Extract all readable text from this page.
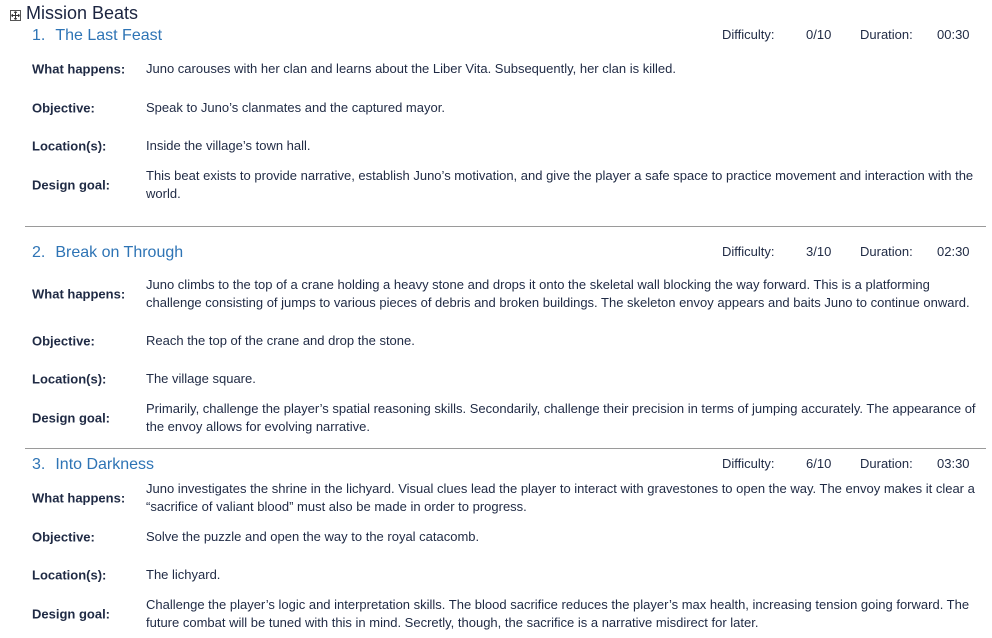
Mission Beats
1. The Last Feast	Difficulty: 0/10 Duration: 00:30
What happens: Juno carouses with her clan and learns about the Liber Vita. Subsequently, her clan is killed.
Objective:	Speak to Juno’s clanmates and the captured mayor.
Location(s):	Inside the village’s town hall.
Design goal:
This beat exists to provide narrative, establish Juno’s motivation, and give the player a safe space to practice movement and interaction with the world.
2. Break on Through	Difficulty: 3/10 Duration: 02:30
What happens:
Juno climbs to the top of a crane holding a heavy stone and drops it onto the skeletal wall blocking the way forward. This is a platforming challenge consisting of jumps to various pieces of debris and broken buildings. The skeleton envoy appears and baits Juno to continue onward.
Objective:	Reach the top of the crane and drop the stone.
Location(s):	The village square.
Design goal:
Primarily, challenge the player’s spatial reasoning skills. Secondarily, challenge their precision in terms of jumping accurately. The appearance of the envoy allows for evolving narrative.
3. Into Darkness	Difficulty: 6/10 Duration: 03:30
What happens:
Juno investigates the shrine in the lichyard. Visual clues lead the player to interact with gravestones to open the way. The envoy makes it clear a “sacrifice of valiant blood” must also be made in order to progress.
Objective:	Solve the puzzle and open the way to the royal catacomb.
Location(s):	The lichyard.
Design goal:
Challenge the player’s logic and interpretation skills. The blood sacrifice reduces the player’s max health, increasing tension going forward. The future combat will be tuned with this in mind. Secretly, though, the sacrifice is a narrative misdirect for later.
